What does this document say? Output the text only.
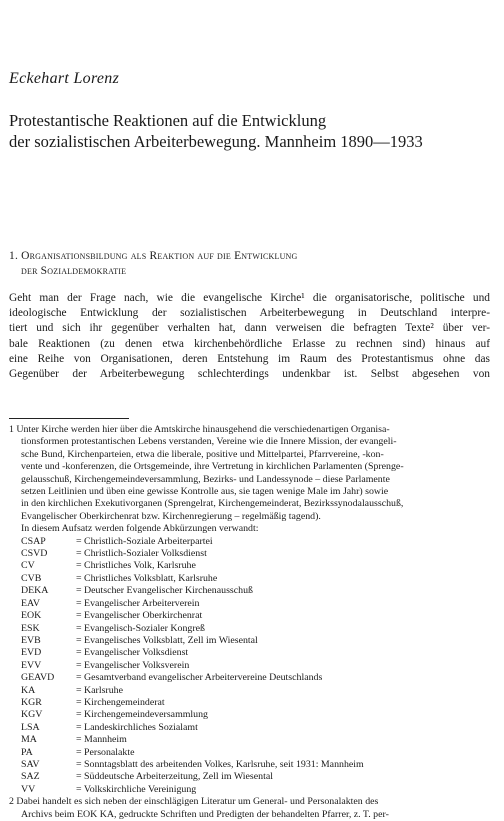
Eckehart Lorenz
Protestantische Reaktionen auf die Entwicklung
der sozialistischen Arbeiterbewegung. Mannheim 1890—1933
1. Organisationsbildung als Reaktion auf die Entwicklung
der Sozialdemokratie
Geht man der Frage nach, wie die evangelische Kirche¹ die organisatorische, politische und
ideologische Entwicklung der sozialistischen Arbeiterbewegung in Deutschland interpre-
tiert und sich ihr gegenüber verhalten hat, dann verweisen die befragten Texte² über ver-
bale Reaktionen (zu denen etwa kirchenbehördliche Erlasse zu rechnen sind) hinaus auf
eine Reihe von Organisationen, deren Entstehung im Raum des Protestantismus ohne das
Gegenüber der Arbeiterbewegung schlechterdings undenkbar ist. Selbst abgesehen von
1 Unter Kirche werden hier über die Amtskirche hinausgehend die verschiedenartigen Organisa-
tionsformen protestantischen Lebens verstanden, Vereine wie die Innere Mission, der evangeli-
sche Bund, Kirchenparteien, etwa die liberale, positive und Mittelpartei, Pfarrvereine, -kon-
vente und -konferenzen, die Ortsgemeinde, ihre Vertretung in kirchlichen Parlamenten (Sprenge-
gelausschuß, Kirchengemeindeversammlung, Bezirks- und Landessynode – diese Parlamente
setzen Leitlinien und üben eine gewisse Kontrolle aus, sie tagen wenige Male im Jahr) sowie
in den kirchlichen Exekutivorganen (Sprengelrat, Kirchengemeinderat, Bezirkssynodalausschuß,
Evangelischer Oberkirchenrat bzw. Kirchenregierung – regelmäßig tagend).
In diesem Aufsatz werden folgende Abkürzungen verwandt:
CSAP	= Christlich-Soziale Arbeiterpartei
CSVD	= Christlich-Sozialer Volksdienst
CV	= Christliches Volk, Karlsruhe
CVB	= Christliches Volksblatt, Karlsruhe
DEKA	= Deutscher Evangelischer Kirchenausschuß
EAV	= Evangelischer Arbeiterverein
EOK	= Evangelischer Oberkirchenrat
ESK	= Evangelisch-Sozialer Kongreß
EVB	= Evangelisches Volksblatt, Zell im Wiesental
EVD	= Evangelischer Volksdienst
EVV	= Evangelischer Volksverein
GEAVD	= Gesamtverband evangelischer Arbeitervereine Deutschlands
KA	= Karlsruhe
KGR	= Kirchengemeinderat
KGV	= Kirchengemeindeversammlung
LSA	= Landeskirchliches Sozialamt
MA	= Mannheim
PA	= Personalakte
SAV	= Sonntagsblatt des arbeitenden Volkes, Karlsruhe, seit 1931: Mannheim
SAZ	= Süddeutsche Arbeiterzeitung, Zell im Wiesental
VV	= Volkskirchliche Vereinigung
2 Dabei handelt es sich neben der einschlägigen Literatur um General- und Personalakten des
Archivs beim EOK KA, gedruckte Schriften und Predigten der behandelten Pfarrer, z. T. per-
